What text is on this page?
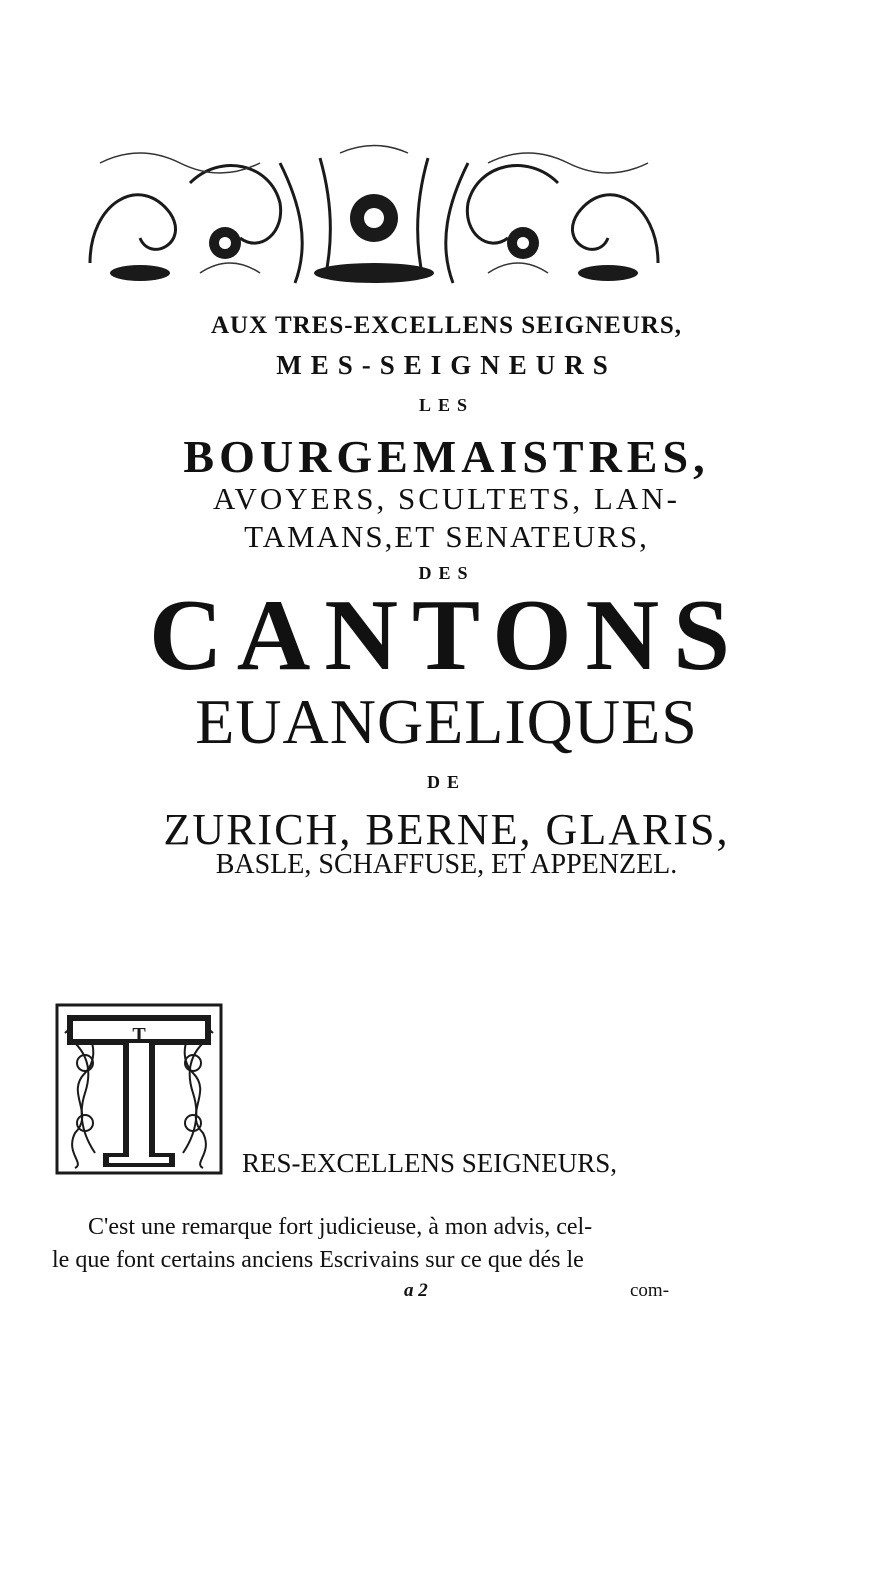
AUX TRES-EXCELLENS SEIGNEURS,
MES-SEIGNEURS
LES
BOURGEMAISTRES,
AVOYERS, SCULTETS, LAN-
TAMANS,ET SENATEURS,
DES
CANTONS
EUANGELIQUES
DE
ZURICH, BERNE, GLARIS,
BASLE, SCHAFFUSE, ET APPENZEL.
T
RES-EXCELLENS SEIGNEURS,
C'est une remarque fort judicieuse, à mon advis, cel-
le que font certains anciens Escrivains sur ce que dés le
a 2	com-
